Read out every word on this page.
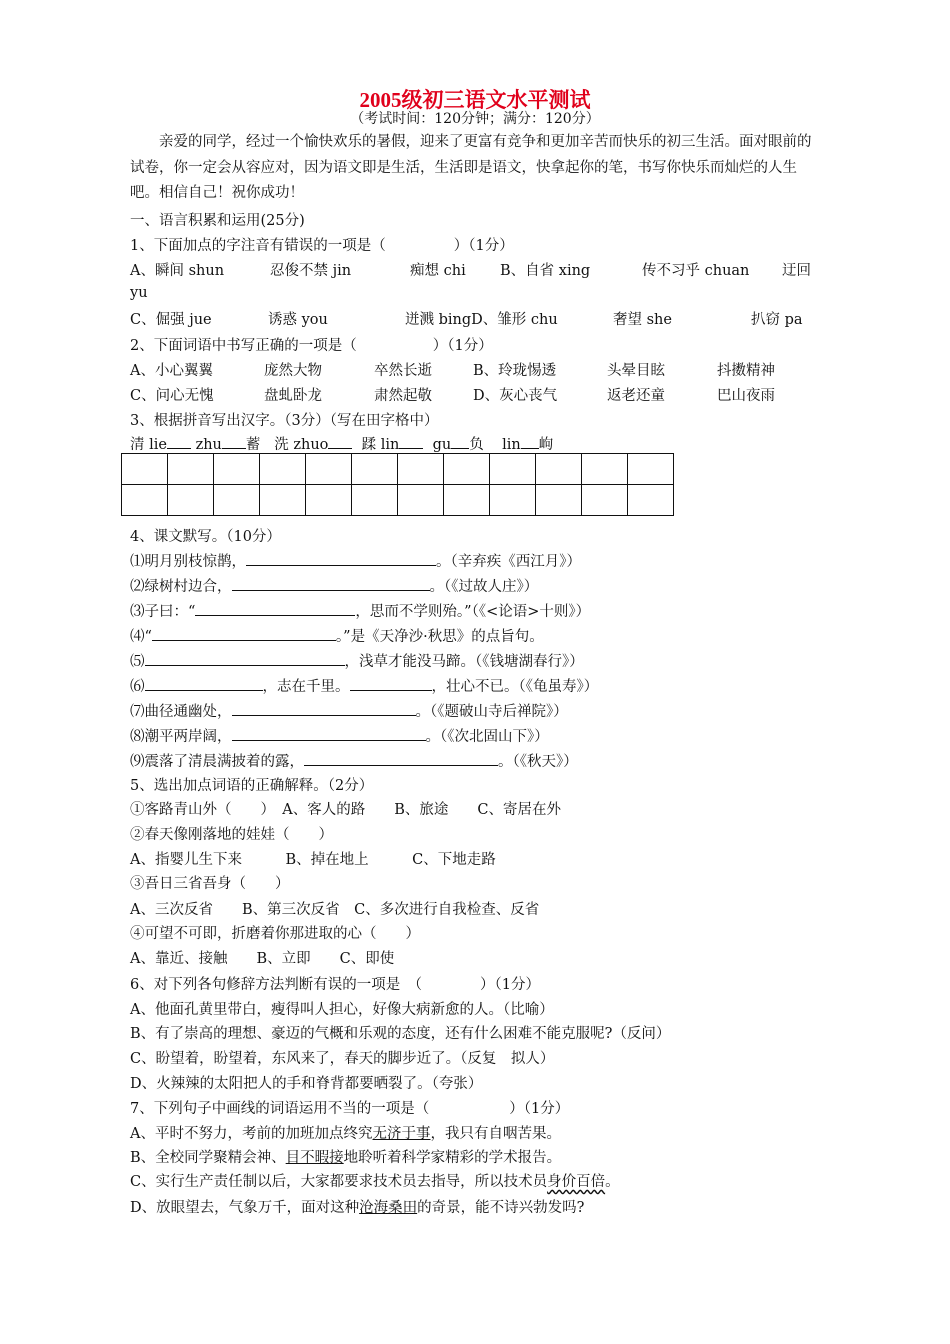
2005级初三语文水平测试
（考试时间：120分钟；满分：120分）
亲爱的同学，经过一个愉快欢乐的暑假，迎来了更富有竞争和更加辛苦而快乐的初三生活。面对眼前的试卷，你一定会从容应对，因为语文即是生活，生活即是语文，快拿起你的笔，书写你快乐而灿烂的人生吧。相信自己！祝你成功！
一、语言积累和运用(25分)
1、下面加点的字注音有错误的一项是（	）（1分）
A、瞬间 shun	忍俊不禁 jin	痴想 chi B、自省 xing	传不习乎 chuan 迂回
yu
C、倔强 jue	诱惑 you	迸溅 bingD、雏形 chu	奢望 she	扒窃 pa
2、下面词语中书写正确的一项是（	）（1分）
A、小心翼翼	庞然大物	卒然长逝	B、玲珑惕透	头晕目眩	抖擞精神
C、问心无愧	盘虬卧龙	肃然起敬	D、灰心丧气	返老还童	巴山夜雨
3、根据拼音写出汉字。（3分）（写在田字格中）
清 lie zhu 蓄 洗 zhuo 蹂 lin gu 负 lin 岣

4、课文默写。（10分）
⑴明月别枝惊鹊，	。（辛弃疾《西江月》）
⑵绿树村边合，	。（《过故人庄》）
⑶子曰：“	，思而不学则殆。”（《<论语>十则》）
⑷“	。”是《天净沙·秋思》的点旨句。
⑸	，浅草才能没马蹄。（《钱塘湖春行》）
⑹	，志在千里。	，壮心不已。（《龟虽寿》）
⑺曲径通幽处，	。（《题破山寺后禅院》）
⑻潮平两岸阔，	。（《次北固山下》）
⑼震落了清晨满披着的露，	。（《秋天》）
5、选出加点词语的正确解释。（2分）
①客路青山外（　　）　A、客人的路　　B、旅途　　C、寄居在外
②春天像刚落地的娃娃（　　）
A、指婴儿生下来　　　B、掉在地上　　　C、下地走路
③吾日三省吾身（　　）
A、三次反省　　B、第三次反省　C、多次进行自我检查、反省
④可望不可即，折磨着你那进取的心（　　）
A、靠近、接触　　B、立即　　C、即使
6、对下列各句修辞方法判断有误的一项是　（　　　　）（1分）
A、他面孔黄里带白，瘦得叫人担心，好像大病新愈的人。（比喻）
B、有了崇高的理想、豪迈的气概和乐观的态度，还有什么困难不能克服呢?（反问）
C、盼望着，盼望着，东风来了，春天的脚步近了。（反复　拟人）
D、火辣辣的太阳把人的手和脊背都要晒裂了。（夸张）
7、下列句子中画线的词语运用不当的一项是（	）（1分）
A、平时不努力，考前的加班加点终究无济于事，我只有自咽苦果。
B、全校同学聚精会神、目不暇接地聆听着科学家精彩的学术报告。
C、实行生产责任制以后，大家都要求技术员去指导，所以技术员身价百倍。
D、放眼望去，气象万千，面对这种沧海桑田的奇景，能不诗兴勃发吗?
